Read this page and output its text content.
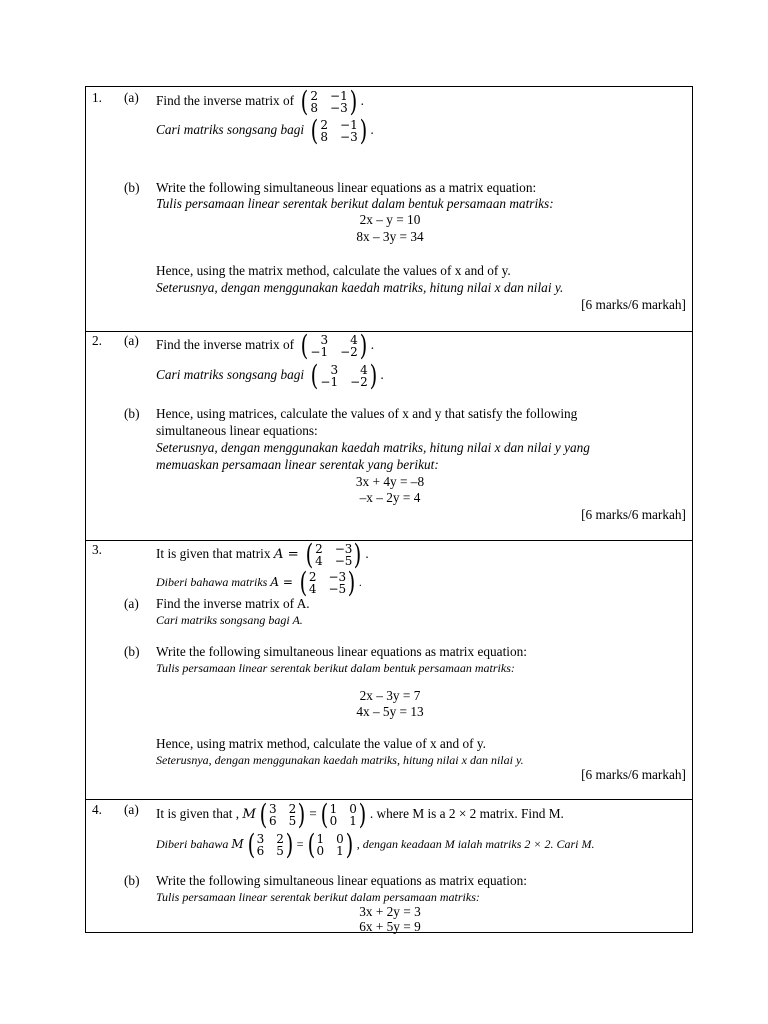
1. (a) Find the inverse matrix of ( 2 −1
8 −3 ) .
Cari matriks songsang bagi ( 2 −1
8 −3 ) .
(b) Write the following simultaneous linear equations as a matrix equation:
Tulis persamaan linear serentak berikut dalam bentuk persamaan matriks:
2x – y = 10
8x – 3y = 34
Hence, using the matrix method, calculate the values of x and of y.
Seterusnya, dengan menggunakan kaedah matriks, hitung nilai x dan nilai y.
[6 marks/6 markah]
2. (a) Find the inverse matrix of ( 3	4
−1 −2 ) .
Cari matriks songsang bagi ( 3	4
−1 −2 ) .
(b) Hence, using matrices, calculate the values of x and y that satisfy the following
simultaneous linear equations:
Seterusnya, dengan menggunakan kaedah matriks, hitung nilai x dan nilai y yang
memuaskan persamaan linear serentak yang berikut:
3x + 4y = –8
–x – 2y = 4
[6 marks/6 markah]
3.	It is given that matrix A = ( 2 −3
4 −5 ) .
Diberi bahawa matriks A = ( 2 −3
4 −5 ) .
(a) Find the inverse matrix of A.
Cari matriks songsang bagi A.
(b) Write the following simultaneous linear equations as matrix equation:
Tulis persamaan linear serentak berikut dalam bentuk persamaan matriks:
2x – 3y = 7
4x – 5y = 13
Hence, using matrix method, calculate the value of x and of y.
Seterusnya, dengan menggunakan kaedah matriks, hitung nilai x dan nilai y.
[6 marks/6 markah]
4. (a) It is given that , M ( 3 2
6 5 ) = ( 1 0
0 1 ) . where M is a 2 × 2 matrix. Find M.
Diberi bahawa M ( 3 2
6 5 ) = ( 1 0
0 1 ) , dengan keadaan M ialah matriks 2 × 2. Cari M.
(b) Write the following simultaneous linear equations as matrix equation:
Tulis persamaan linear serentak berikut dalam persamaan matriks:
3x + 2y = 3
6x + 5y = 9
